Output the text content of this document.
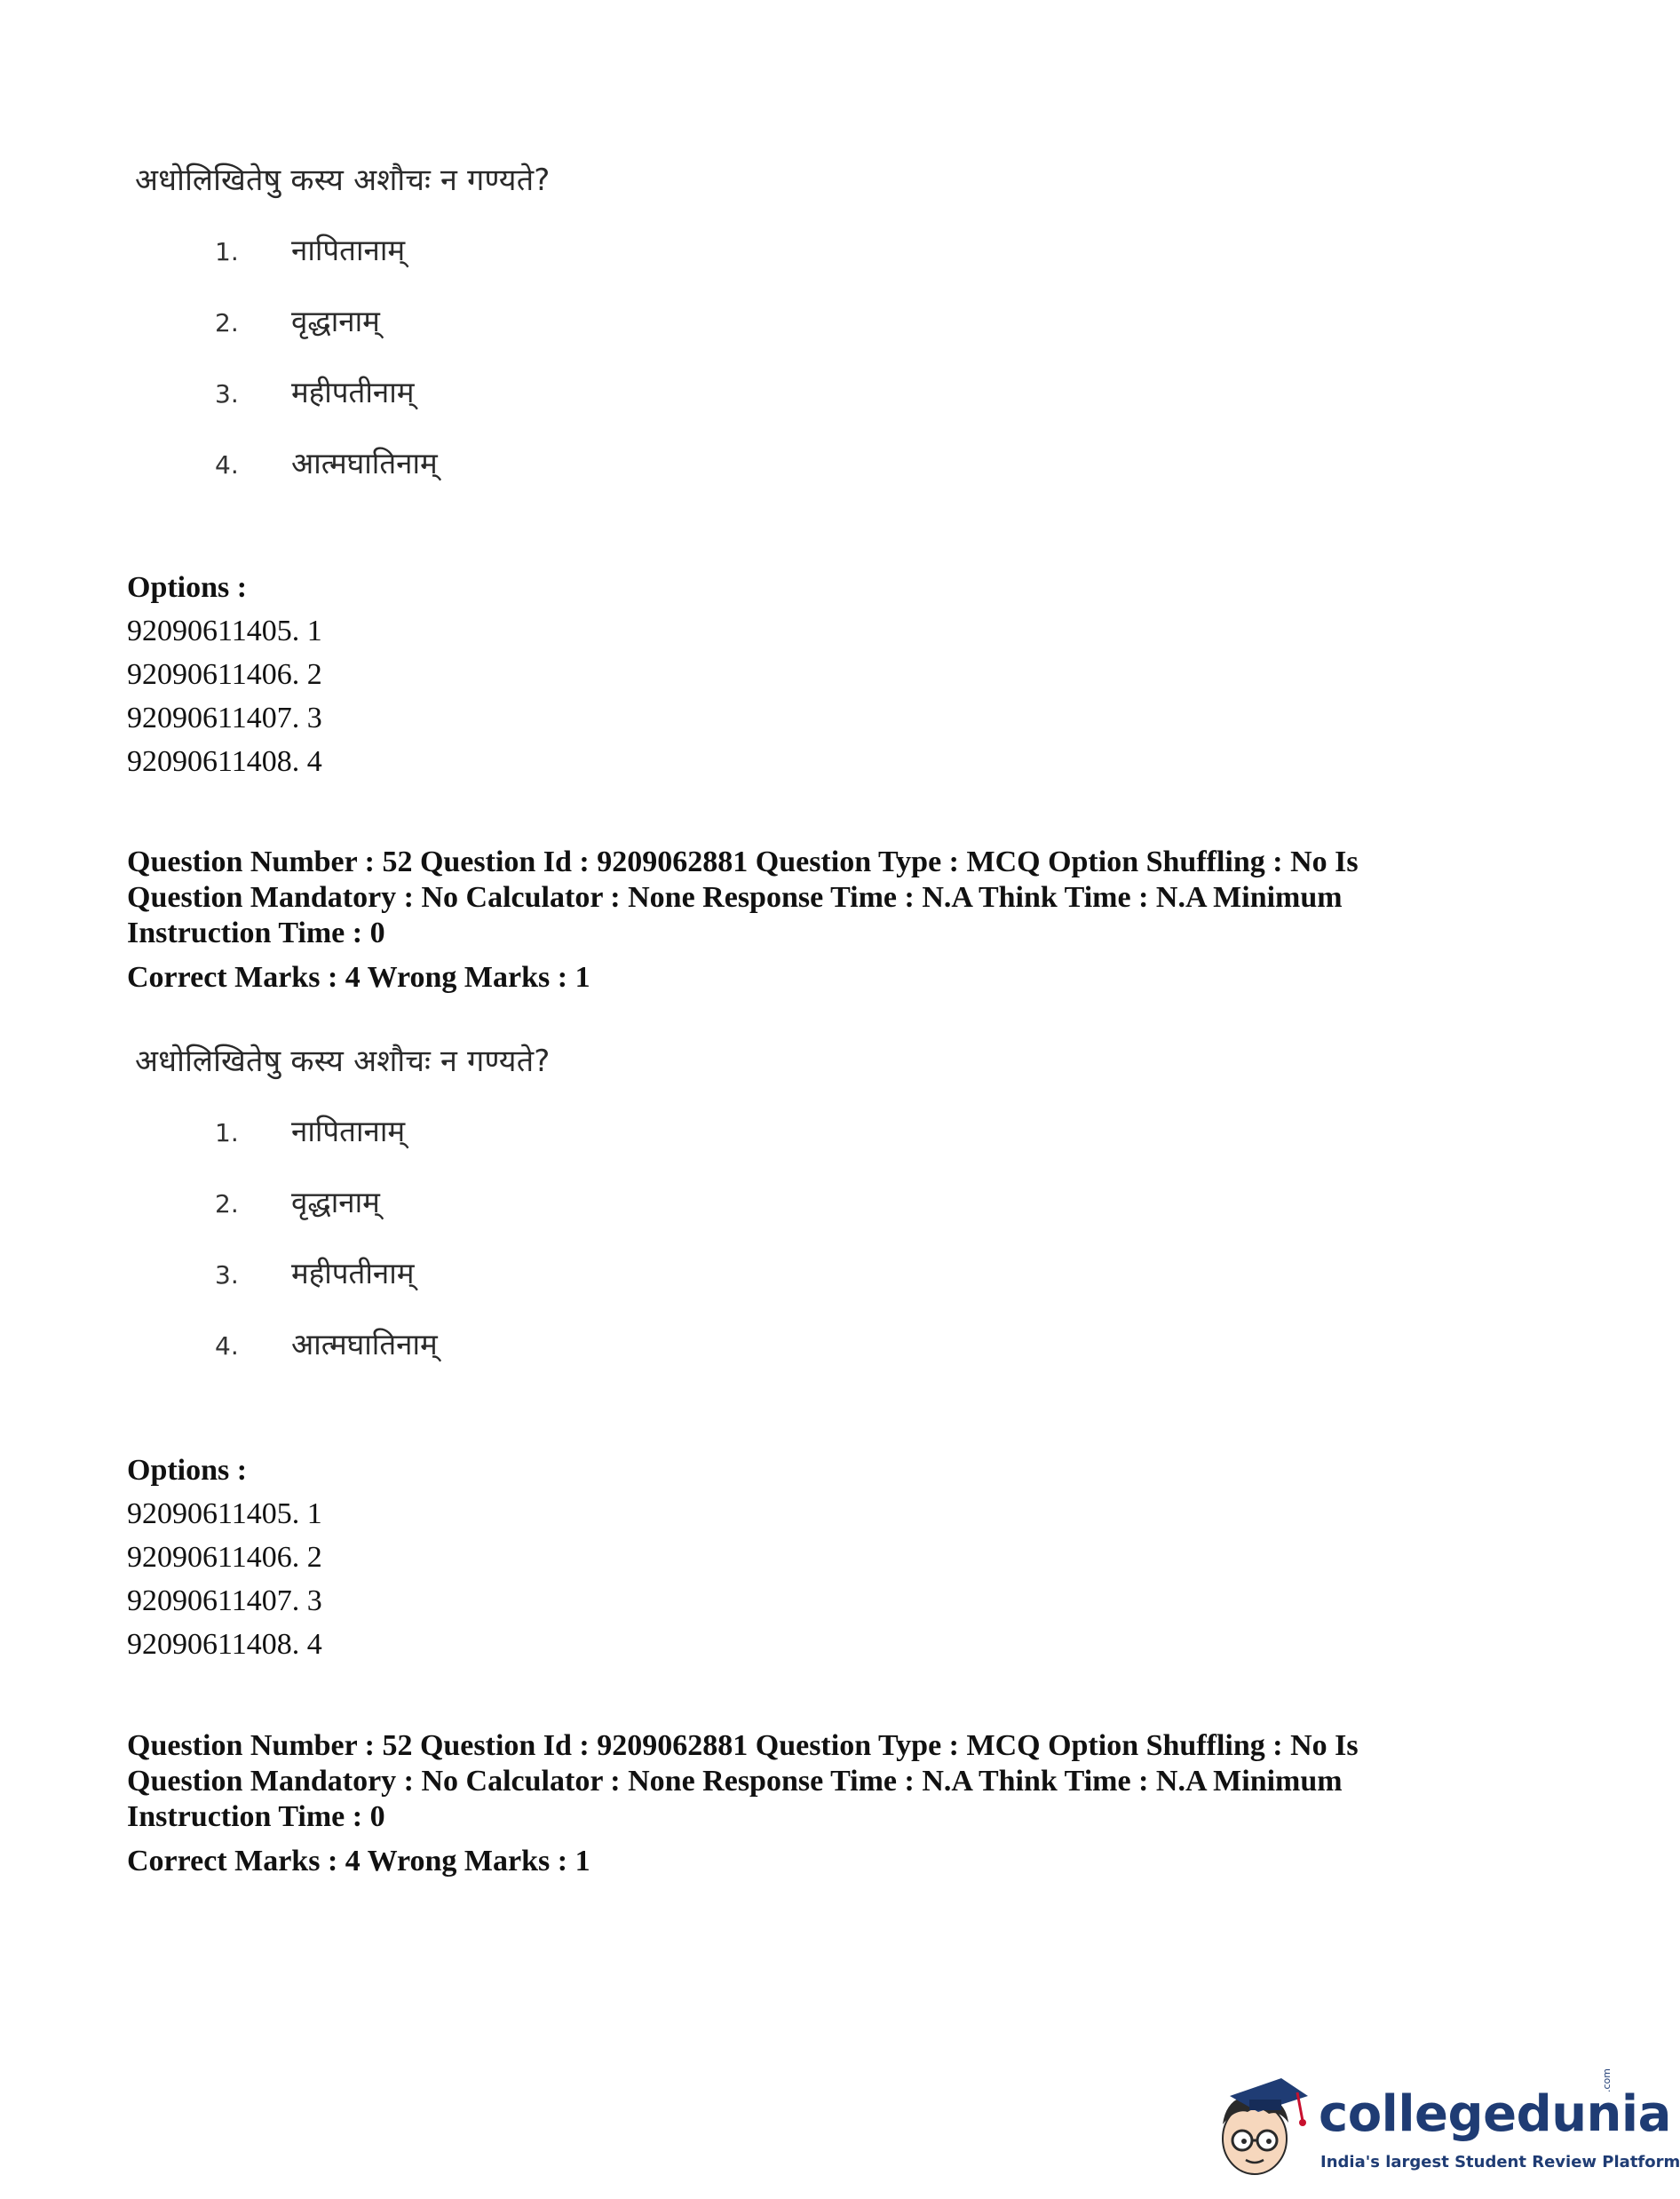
अधोलिखितेषु कस्य अशौचः न गण्यते?
1. नापितानाम्
2. वृद्धानाम्
3. महीपतीनाम्
4. आत्मघातिनाम्
Options :
92090611405. 1
92090611406. 2
92090611407. 3
92090611408. 4
Question Number : 52 Question Id : 9209062881 Question Type : MCQ Option Shuffling : No Is
Question Mandatory : No Calculator : None Response Time : N.A Think Time : N.A Minimum
Instruction Time : 0
Correct Marks : 4 Wrong Marks : 1
अधोलिखितेषु कस्य अशौचः न गण्यते?
1. नापितानाम्
2. वृद्धानाम्
3. महीपतीनाम्
4. आत्मघातिनाम्
Options :
92090611405. 1
92090611406. 2
92090611407. 3
92090611408. 4
Question Number : 52 Question Id : 9209062881 Question Type : MCQ Option Shuffling : No Is
Question Mandatory : No Calculator : None Response Time : N.A Think Time : N.A Minimum
Instruction Time : 0
Correct Marks : 4 Wrong Marks : 1
collegedunia
.com
India's largest Student Review Platform
